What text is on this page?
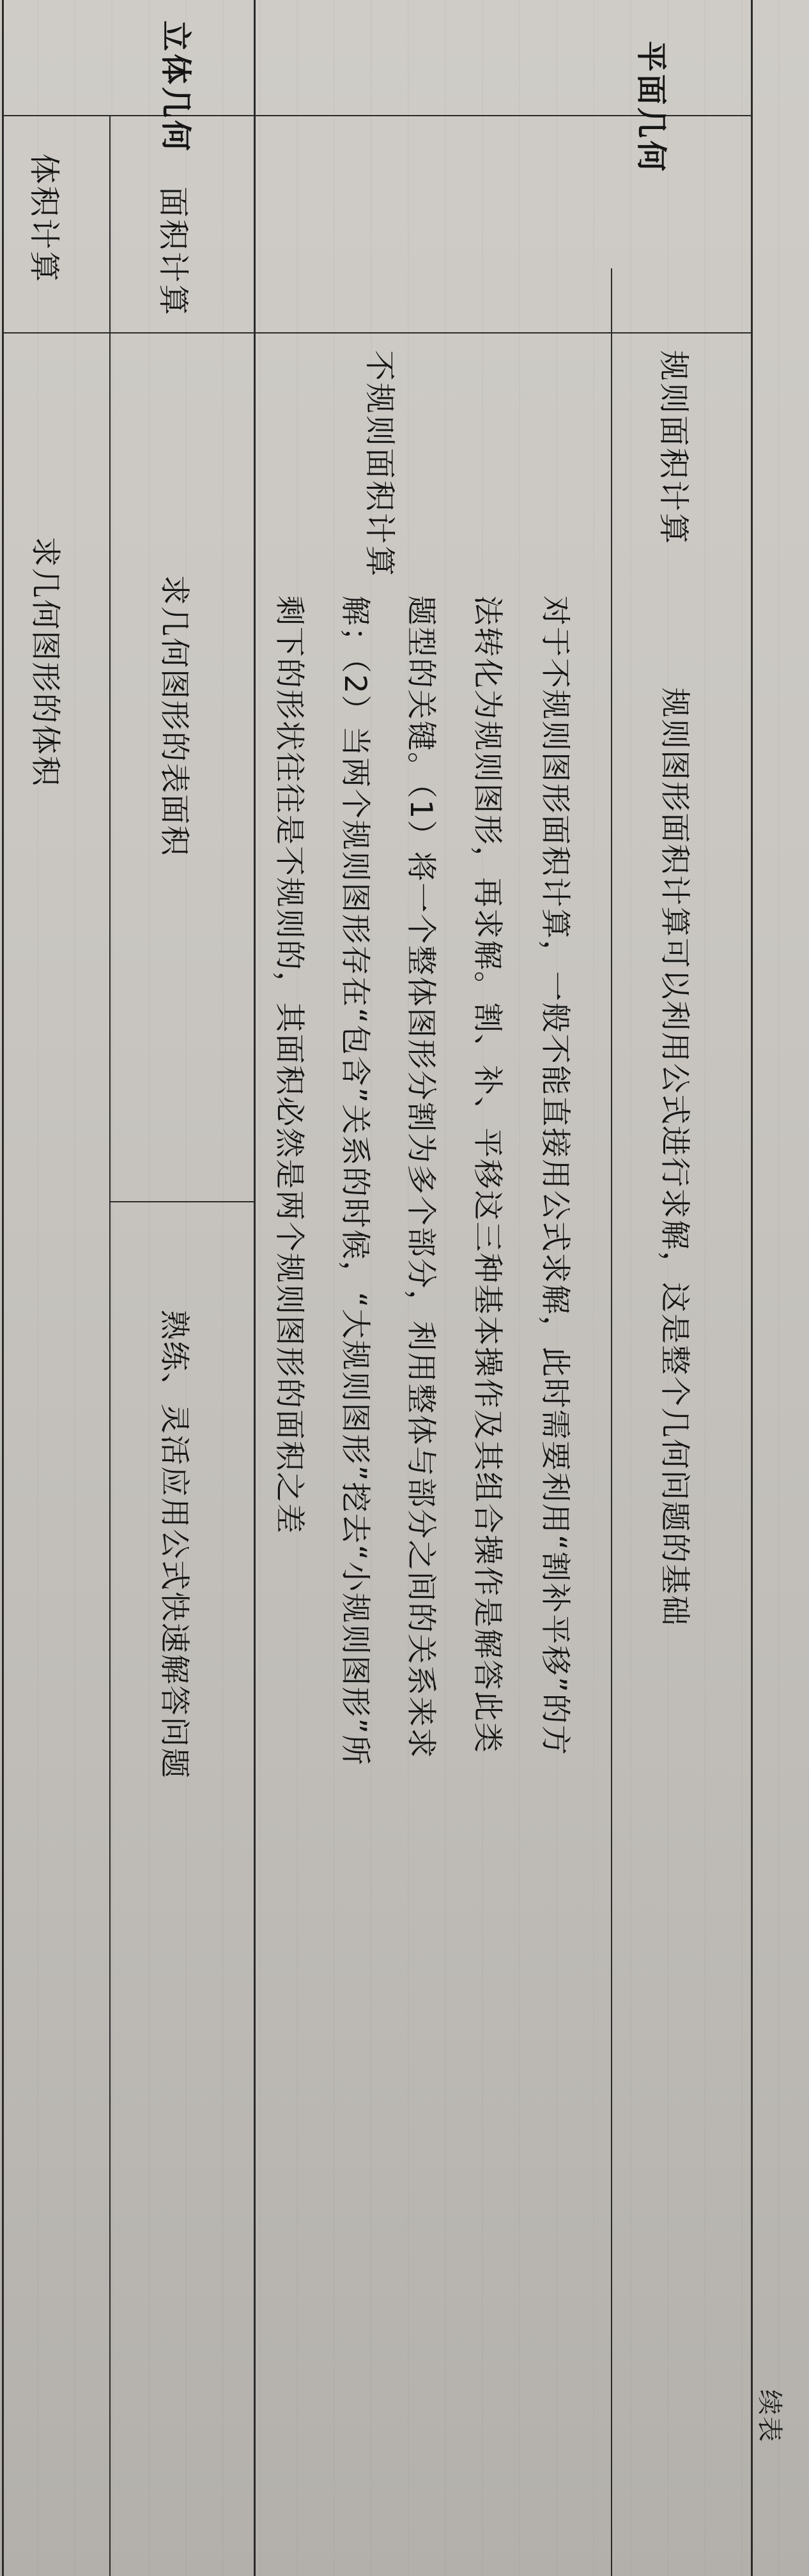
续表
平面几何
立体几何
规则面积计算
规则图形面积计算可以利用公式进行求解，这是整个几何问题的基础
不规则面积计算
对于不规则图形面积计算，一般不能直接用公式求解，此时需要利用“割补平移”的方
法转化为规则图形，再求解。割、补、平移这三种基本操作及其组合操作是解答此类
题型的关键。（1）将一个整体图形分割为多个部分，利用整体与部分之间的关系来求
解；（2）当两个规则图形存在“包含”关系的时候，“大规则图形”挖去“小规则图形”所
剩下的形状往往是不规则的，其面积必然是两个规则图形的面积之差
面积计算
求几何图形的表面积
熟练、灵活应用公式快速解答问题
体积计算
求几何图形的体积
